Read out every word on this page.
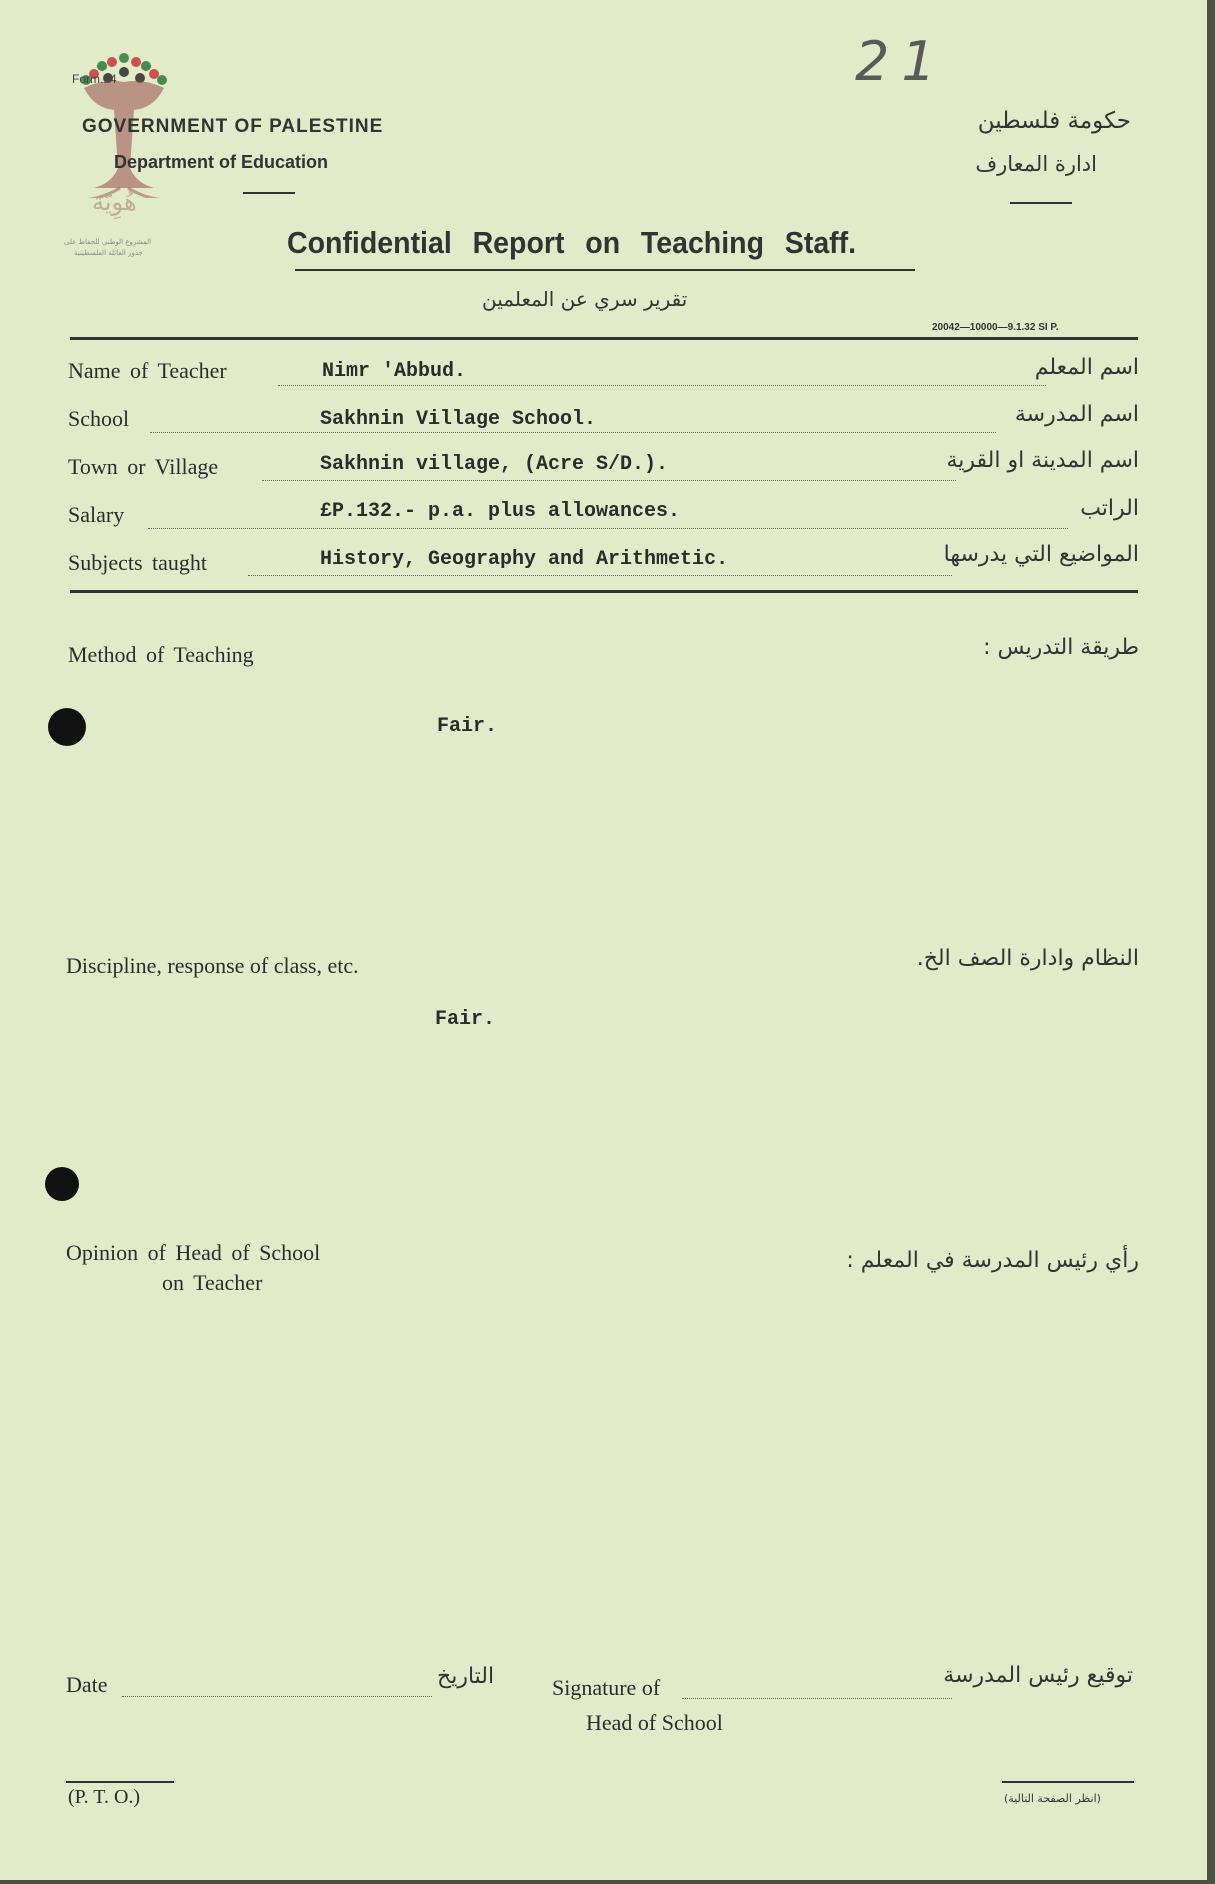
هُوِيّة
المشروع الوطني للحفاظ على
جذور العائلة الفلسطينية
Form...4
GOVERNMENT OF PALESTINE
Department of Education
21
حكومة فلسطين
ادارة المعارف
Confidential Report on Teaching Staff.
تقرير سري عن المعلمين
20042—10000—9.1.32 SI P.
Name of Teacher	Nimr 'Abbud.	اسم المعلم
School	Sakhnin Village School.	اسم المدرسة
Town or Village	Sakhnin village, (Acre S/D.).	اسم المدينة او القرية
Salary	£P.132.- p.a. plus allowances.	الراتب
Subjects taught	History, Geography and Arithmetic.	المواضيع التي يدرسها
Method of Teaching	طريقة التدريس :
Fair.
Discipline, response of class, etc.	النظام وادارة الصف الخ.
Fair.
Opinion of Head of School
on Teacher
رأي رئيس المدرسة في المعلم :
Date	التاريخ	Signature of	توقيع رئيس المدرسة
Head of School
(P. T. O.)	(انظر الصفحة التالية)
